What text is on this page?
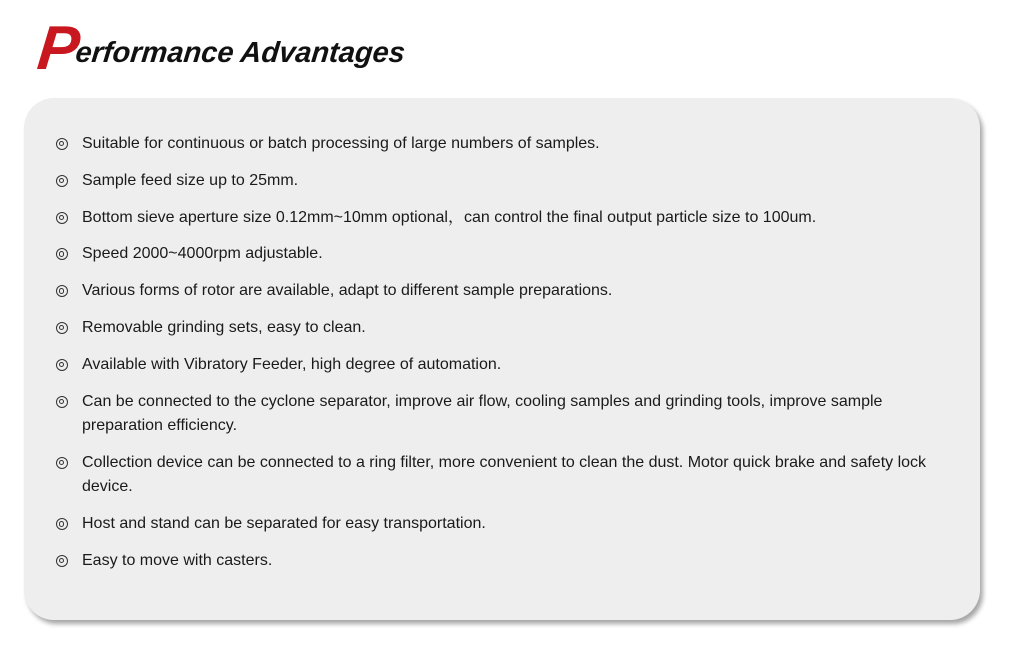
P
erformance Advantages
Suitable for continuous or batch processing of large numbers of samples.
Sample feed size up to 25mm.
Bottom sieve aperture size 0.12mm~10mm optional，can control the final output particle size to 100um.
Speed 2000~4000rpm adjustable.
Various forms of rotor are available, adapt to different sample preparations.
Removable grinding sets, easy to clean.
Available with Vibratory Feeder, high degree of automation.
Can be connected to the cyclone separator, improve air flow, cooling samples and grinding tools, improve sample preparation efficiency.
Collection device can be connected to a ring filter, more convenient to clean the dust. Motor quick brake and safety lock device.
Host and stand can be separated for easy transportation.
Easy to move with casters.
